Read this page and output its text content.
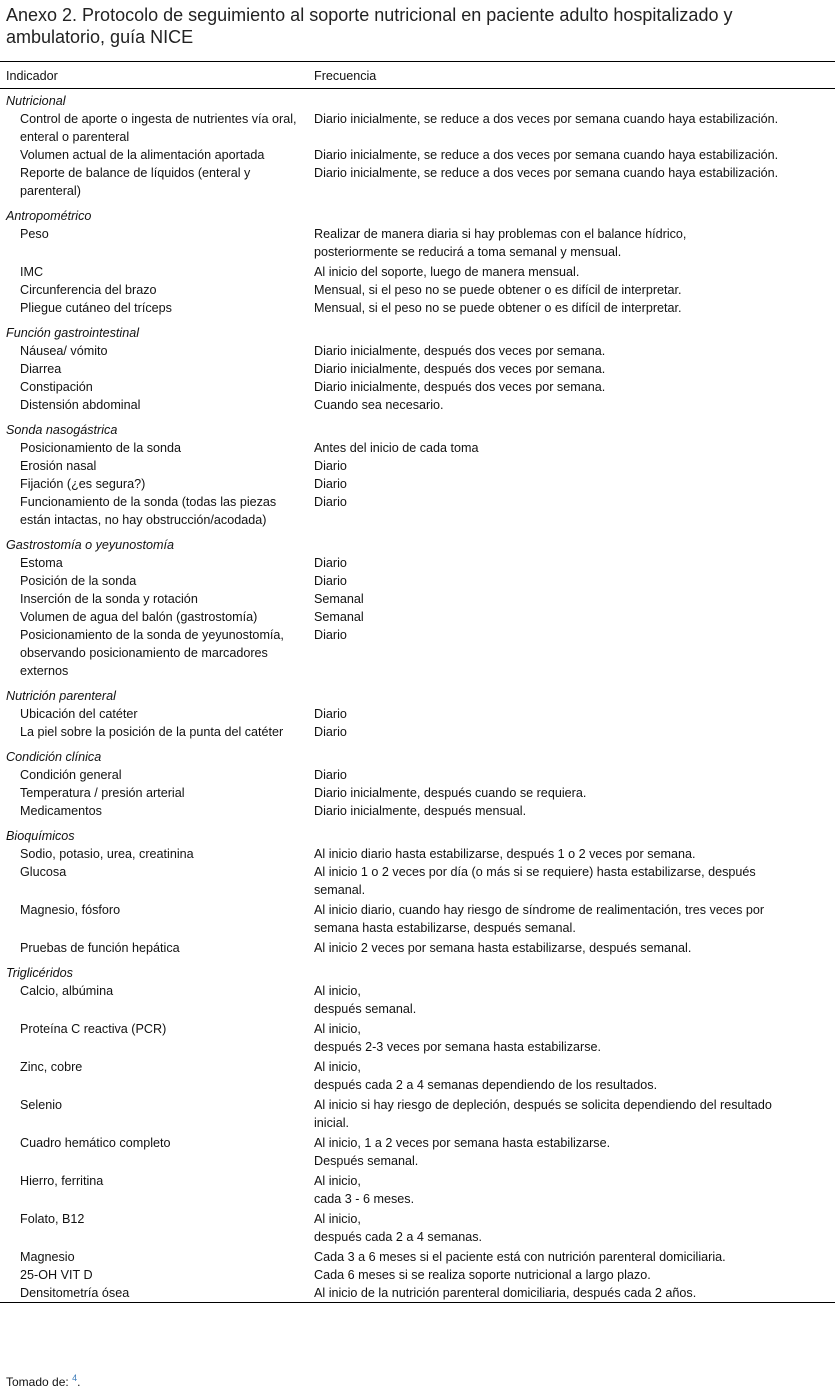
Anexo 2. Protocolo de seguimiento al soporte nutricional en paciente adulto hospitalizado y ambulatorio, guía NICE
Indicador	Frecuencia
Nutricional	
Control de aporte o ingesta de nutrientes vía oral, enteral o parenteral	Diario inicialmente, se reduce a dos veces por semana cuando haya estabilización.
Volumen actual de la alimentación aportada	Diario inicialmente, se reduce a dos veces por semana cuando haya estabilización.
Reporte de balance de líquidos (enteral y parenteral)	Diario inicialmente, se reduce a dos veces por semana cuando haya estabilización.
Antropométrico	
Peso	Realizar de manera diaria si hay problemas con el balance hídrico,
posteriormente se reducirá a toma semanal y mensual.
IMC	Al inicio del soporte, luego de manera mensual.
Circunferencia del brazo	Mensual, si el peso no se puede obtener o es difícil de interpretar.
Pliegue cutáneo del tríceps	Mensual, si el peso no se puede obtener o es difícil de interpretar.
Función gastrointestinal	
Náusea/ vómito	Diario inicialmente, después dos veces por semana.
Diarrea	Diario inicialmente, después dos veces por semana.
Constipación	Diario inicialmente, después dos veces por semana.
Distensión abdominal	Cuando sea necesario.
Sonda nasogástrica	
Posicionamiento de la sonda	Antes del inicio de cada toma
Erosión nasal	Diario
Fijación (¿es segura?)	Diario
Funcionamiento de la sonda (todas las piezas están intactas, no hay obstrucción/acodada)	Diario
Gastrostomía o yeyunostomía	
Estoma	Diario
Posición de la sonda	Diario
Inserción de la sonda y rotación	Semanal
Volumen de agua del balón (gastrostomía)	Semanal
Posicionamiento de la sonda de yeyunostomía, observando posicionamiento de marcadores externos	Diario
Nutrición parenteral	
Ubicación del catéter	Diario
La piel sobre la posición de la punta del catéter	Diario
Condición clínica	
Condición general	Diario
Temperatura / presión arterial	Diario inicialmente, después cuando se requiera.
Medicamentos	Diario inicialmente, después mensual.
Bioquímicos	
Sodio, potasio, urea, creatinina	Al inicio diario hasta estabilizarse, después 1 o 2 veces por semana.
Glucosa	Al inicio 1 o 2 veces por día (o más si se requiere) hasta estabilizarse, después
semanal.
Magnesio, fósforo	Al inicio diario, cuando hay riesgo de síndrome de realimentación, tres veces por
semana hasta estabilizarse, después semanal.
Pruebas de función hepática	Al inicio 2 veces por semana hasta estabilizarse, después semanal.
Triglicéridos	
Calcio, albúmina	Al inicio,
después semanal.
Proteína C reactiva (PCR)	Al inicio,
después 2-3 veces por semana hasta estabilizarse.
Zinc, cobre	Al inicio,
después cada 2 a 4 semanas dependiendo de los resultados.
Selenio	Al inicio si hay riesgo de depleción, después se solicita dependiendo del resultado
inicial.
Cuadro hemático completo	Al inicio, 1 a 2 veces por semana hasta estabilizarse.
Después semanal.
Hierro, ferritina	Al inicio,
cada 3 - 6 meses.
Folato, B12	Al inicio,
después cada 2 a 4 semanas.
Magnesio	Cada 3 a 6 meses si el paciente está con nutrición parenteral domiciliaria.
25-OH VIT D	Cada 6 meses si se realiza soporte nutricional a largo plazo.
Densitometría ósea	Al inicio de la nutrición parenteral domiciliaria, después cada 2 años.
Tomado de: $^4$.
